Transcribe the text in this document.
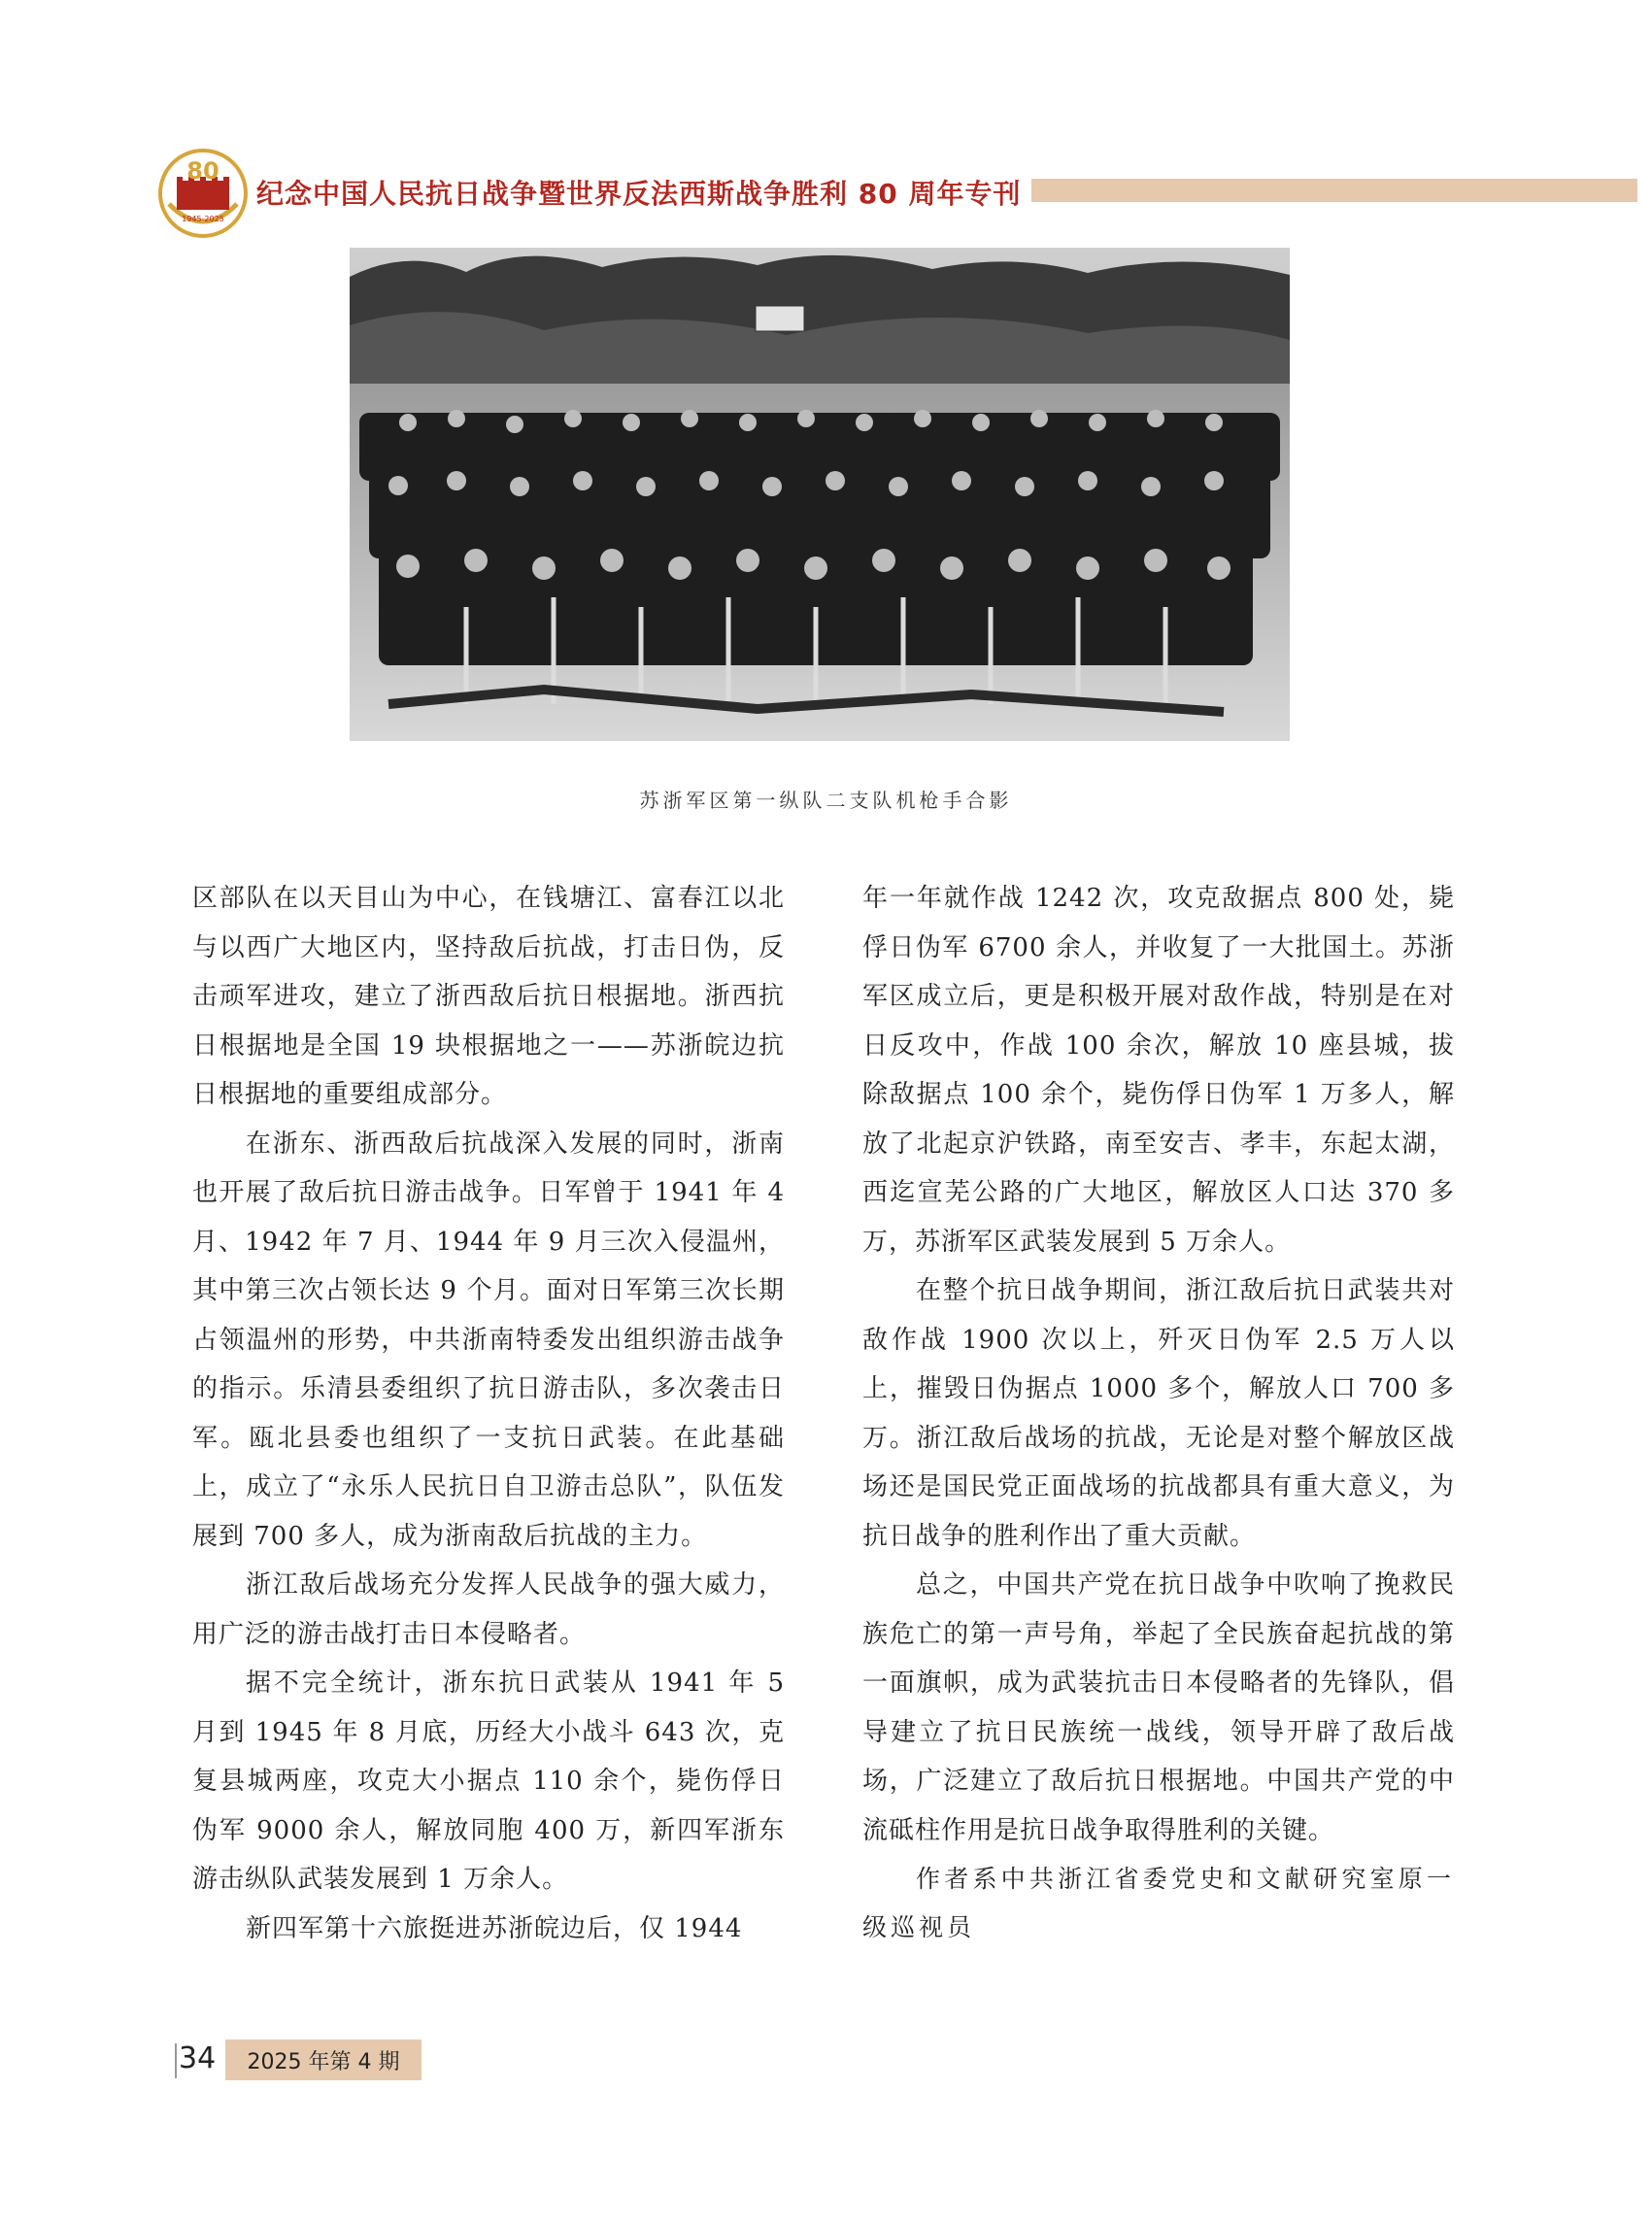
80
1945-2025
纪念中国人民抗日战争暨世界反法西斯战争胜利 80 周年专刊
苏浙军区第一纵队二支队机枪手合影

区部队在以天目山为中心，在钱塘江、富春江以北与以西广大地区内，坚持敌后抗战，打击日伪，反击顽军进攻，建立了浙西敌后抗日根据地。浙西抗日根据地是全国 19 块根据地之一——苏浙皖边抗日根据地的重要组成部分。

在浙东、浙西敌后抗战深入发展的同时，浙南也开展了敌后抗日游击战争。日军曾于 1941 年 4 月、1942 年 7 月、1944 年 9 月三次入侵温州，其中第三次占领长达 9 个月。面对日军第三次长期占领温州的形势，中共浙南特委发出组织游击战争的指示。乐清县委组织了抗日游击队，多次袭击日军。瓯北县委也组织了一支抗日武装。在此基础上，成立了“永乐人民抗日自卫游击总队”，队伍发展到 700 多人，成为浙南敌后抗战的主力。

浙江敌后战场充分发挥人民战争的强大威力，用广泛的游击战打击日本侵略者。

据不完全统计，浙东抗日武装从 1941 年 5 月到 1945 年 8 月底，历经大小战斗 643 次，克复县城两座，攻克大小据点 110 余个，毙伤俘日伪军 9000 余人，解放同胞 400 万，新四军浙东游击纵队武装发展到 1 万余人。

新四军第十六旅挺进苏浙皖边后，仅 1944

年一年就作战 1242 次，攻克敌据点 800 处，毙俘日伪军 6700 余人，并收复了一大批国土。苏浙军区成立后，更是积极开展对敌作战，特别是在对日反攻中，作战 100 余次，解放 10 座县城，拔除敌据点 100 余个，毙伤俘日伪军 1 万多人，解放了北起京沪铁路，南至安吉、孝丰，东起太湖，西迄宣芜公路的广大地区，解放区人口达 370 多万，苏浙军区武装发展到 5 万余人。

在整个抗日战争期间，浙江敌后抗日武装共对敌作战 1900 次以上，歼灭日伪军 2.5 万人以上，摧毁日伪据点 1000 多个，解放人口 700 多万。浙江敌后战场的抗战，无论是对整个解放区战场还是国民党正面战场的抗战都具有重大意义，为抗日战争的胜利作出了重大贡献。

总之，中国共产党在抗日战争中吹响了挽救民族危亡的第一声号角，举起了全民族奋起抗战的第一面旗帜，成为武装抗击日本侵略者的先锋队，倡导建立了抗日民族统一战线，领导开辟了敌后战场，广泛建立了敌后抗日根据地。中国共产党的中流砥柱作用是抗日战争取得胜利的关键。

作者系中共浙江省委党史和文献研究室原一级巡视员

34	2025 年第 4 期
